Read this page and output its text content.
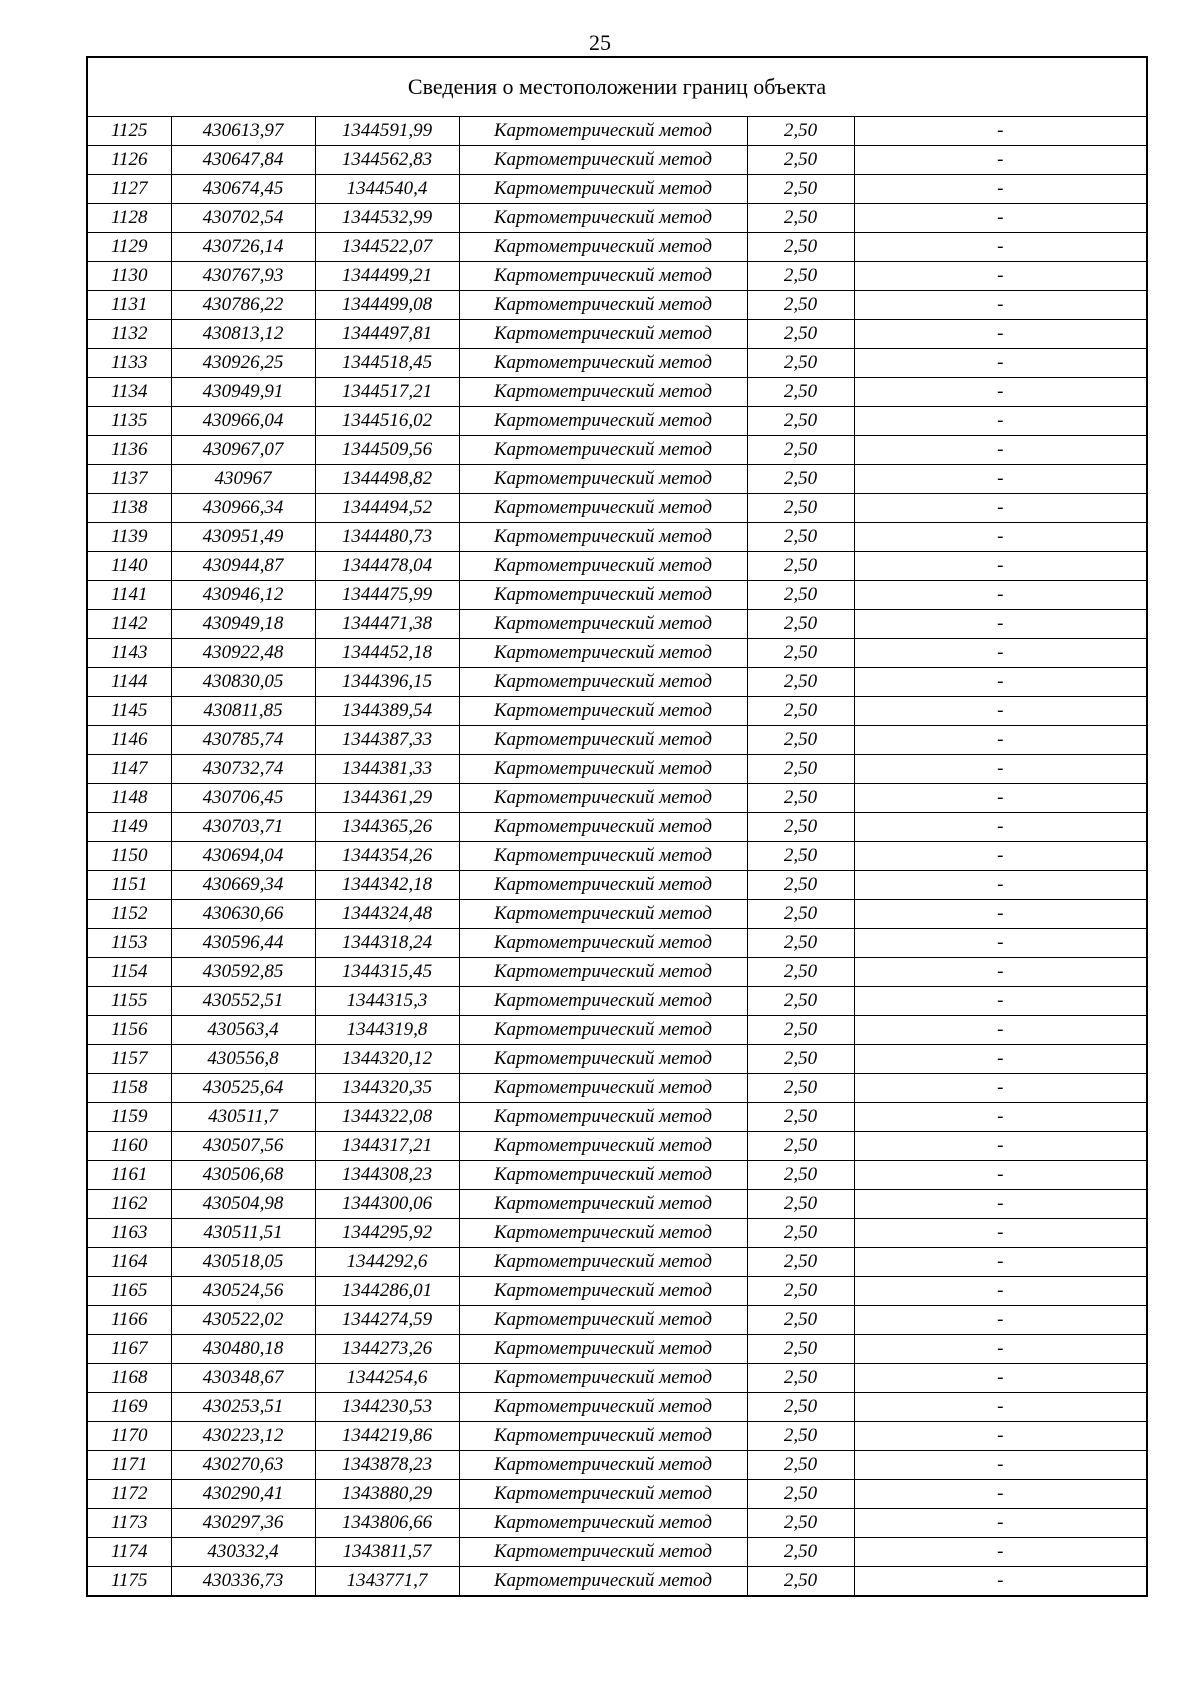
25
Сведения о местоположении границ объекта					
1125	430613,97	1344591,99	Картометрический метод	2,50	-
1126	430647,84	1344562,83	Картометрический метод	2,50	-
1127	430674,45	1344540,4	Картометрический метод	2,50	-
1128	430702,54	1344532,99	Картометрический метод	2,50	-
1129	430726,14	1344522,07	Картометрический метод	2,50	-
1130	430767,93	1344499,21	Картометрический метод	2,50	-
1131	430786,22	1344499,08	Картометрический метод	2,50	-
1132	430813,12	1344497,81	Картометрический метод	2,50	-
1133	430926,25	1344518,45	Картометрический метод	2,50	-
1134	430949,91	1344517,21	Картометрический метод	2,50	-
1135	430966,04	1344516,02	Картометрический метод	2,50	-
1136	430967,07	1344509,56	Картометрический метод	2,50	-
1137	430967	1344498,82	Картометрический метод	2,50	-
1138	430966,34	1344494,52	Картометрический метод	2,50	-
1139	430951,49	1344480,73	Картометрический метод	2,50	-
1140	430944,87	1344478,04	Картометрический метод	2,50	-
1141	430946,12	1344475,99	Картометрический метод	2,50	-
1142	430949,18	1344471,38	Картометрический метод	2,50	-
1143	430922,48	1344452,18	Картометрический метод	2,50	-
1144	430830,05	1344396,15	Картометрический метод	2,50	-
1145	430811,85	1344389,54	Картометрический метод	2,50	-
1146	430785,74	1344387,33	Картометрический метод	2,50	-
1147	430732,74	1344381,33	Картометрический метод	2,50	-
1148	430706,45	1344361,29	Картометрический метод	2,50	-
1149	430703,71	1344365,26	Картометрический метод	2,50	-
1150	430694,04	1344354,26	Картометрический метод	2,50	-
1151	430669,34	1344342,18	Картометрический метод	2,50	-
1152	430630,66	1344324,48	Картометрический метод	2,50	-
1153	430596,44	1344318,24	Картометрический метод	2,50	-
1154	430592,85	1344315,45	Картометрический метод	2,50	-
1155	430552,51	1344315,3	Картометрический метод	2,50	-
1156	430563,4	1344319,8	Картометрический метод	2,50	-
1157	430556,8	1344320,12	Картометрический метод	2,50	-
1158	430525,64	1344320,35	Картометрический метод	2,50	-
1159	430511,7	1344322,08	Картометрический метод	2,50	-
1160	430507,56	1344317,21	Картометрический метод	2,50	-
1161	430506,68	1344308,23	Картометрический метод	2,50	-
1162	430504,98	1344300,06	Картометрический метод	2,50	-
1163	430511,51	1344295,92	Картометрический метод	2,50	-
1164	430518,05	1344292,6	Картометрический метод	2,50	-
1165	430524,56	1344286,01	Картометрический метод	2,50	-
1166	430522,02	1344274,59	Картометрический метод	2,50	-
1167	430480,18	1344273,26	Картометрический метод	2,50	-
1168	430348,67	1344254,6	Картометрический метод	2,50	-
1169	430253,51	1344230,53	Картометрический метод	2,50	-
1170	430223,12	1344219,86	Картометрический метод	2,50	-
1171	430270,63	1343878,23	Картометрический метод	2,50	-
1172	430290,41	1343880,29	Картометрический метод	2,50	-
1173	430297,36	1343806,66	Картометрический метод	2,50	-
1174	430332,4	1343811,57	Картометрический метод	2,50	-
1175	430336,73	1343771,7	Картометрический метод	2,50	-
